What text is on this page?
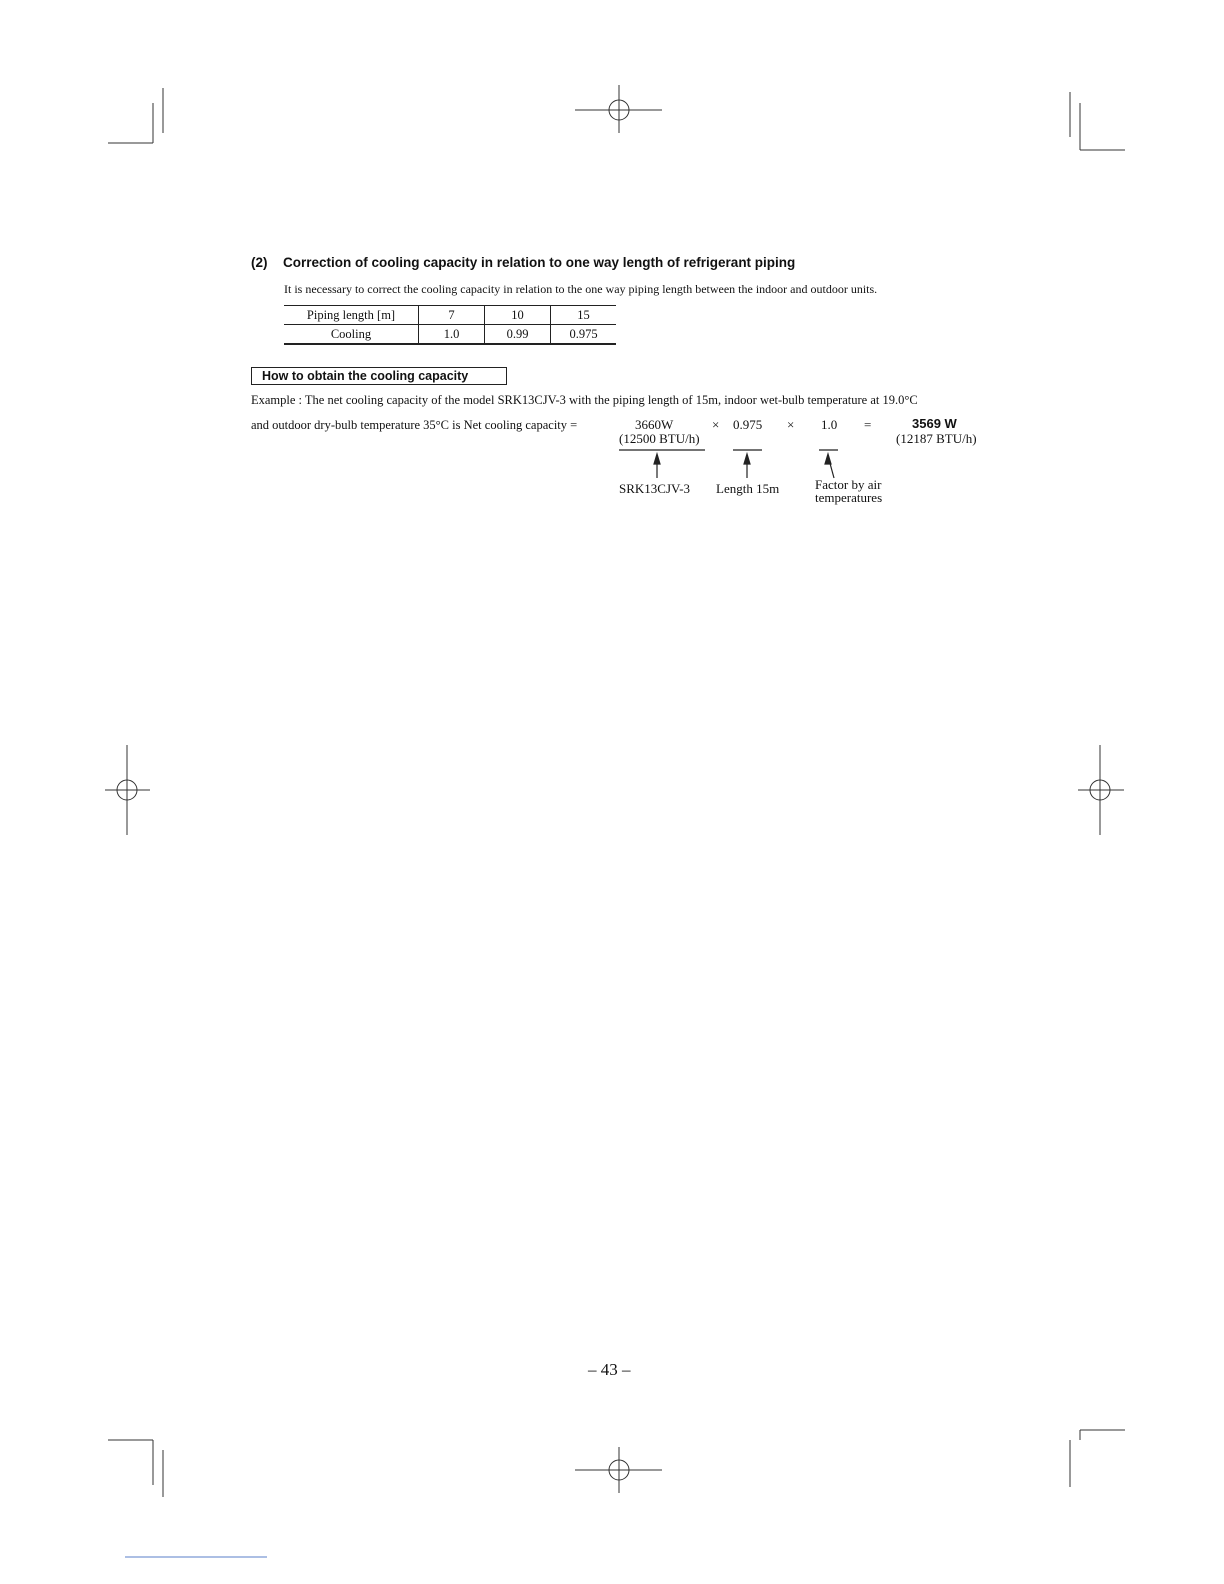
(2) Correction of cooling capacity in relation to one way length of refrigerant piping
It is necessary to correct the cooling capacity in relation to the one way piping length between the indoor and outdoor units.
Piping length [m]	7	10	15
Cooling	1.0	0.99	0.975
How to obtain the cooling capacity
Example : The net cooling capacity of the model SRK13CJV-3 with the piping length of 15m, indoor wet-bulb temperature at 19.0°C
and outdoor dry-bulb temperature 35°C is Net cooling capacity =	3660W
(12500 BTU/h)
× 0.975 × 1.0 =	3569 W
(12187 BTU/h)
SRK13CJV-3 Length 15m	Factor by air
temperatures
– 43 –
